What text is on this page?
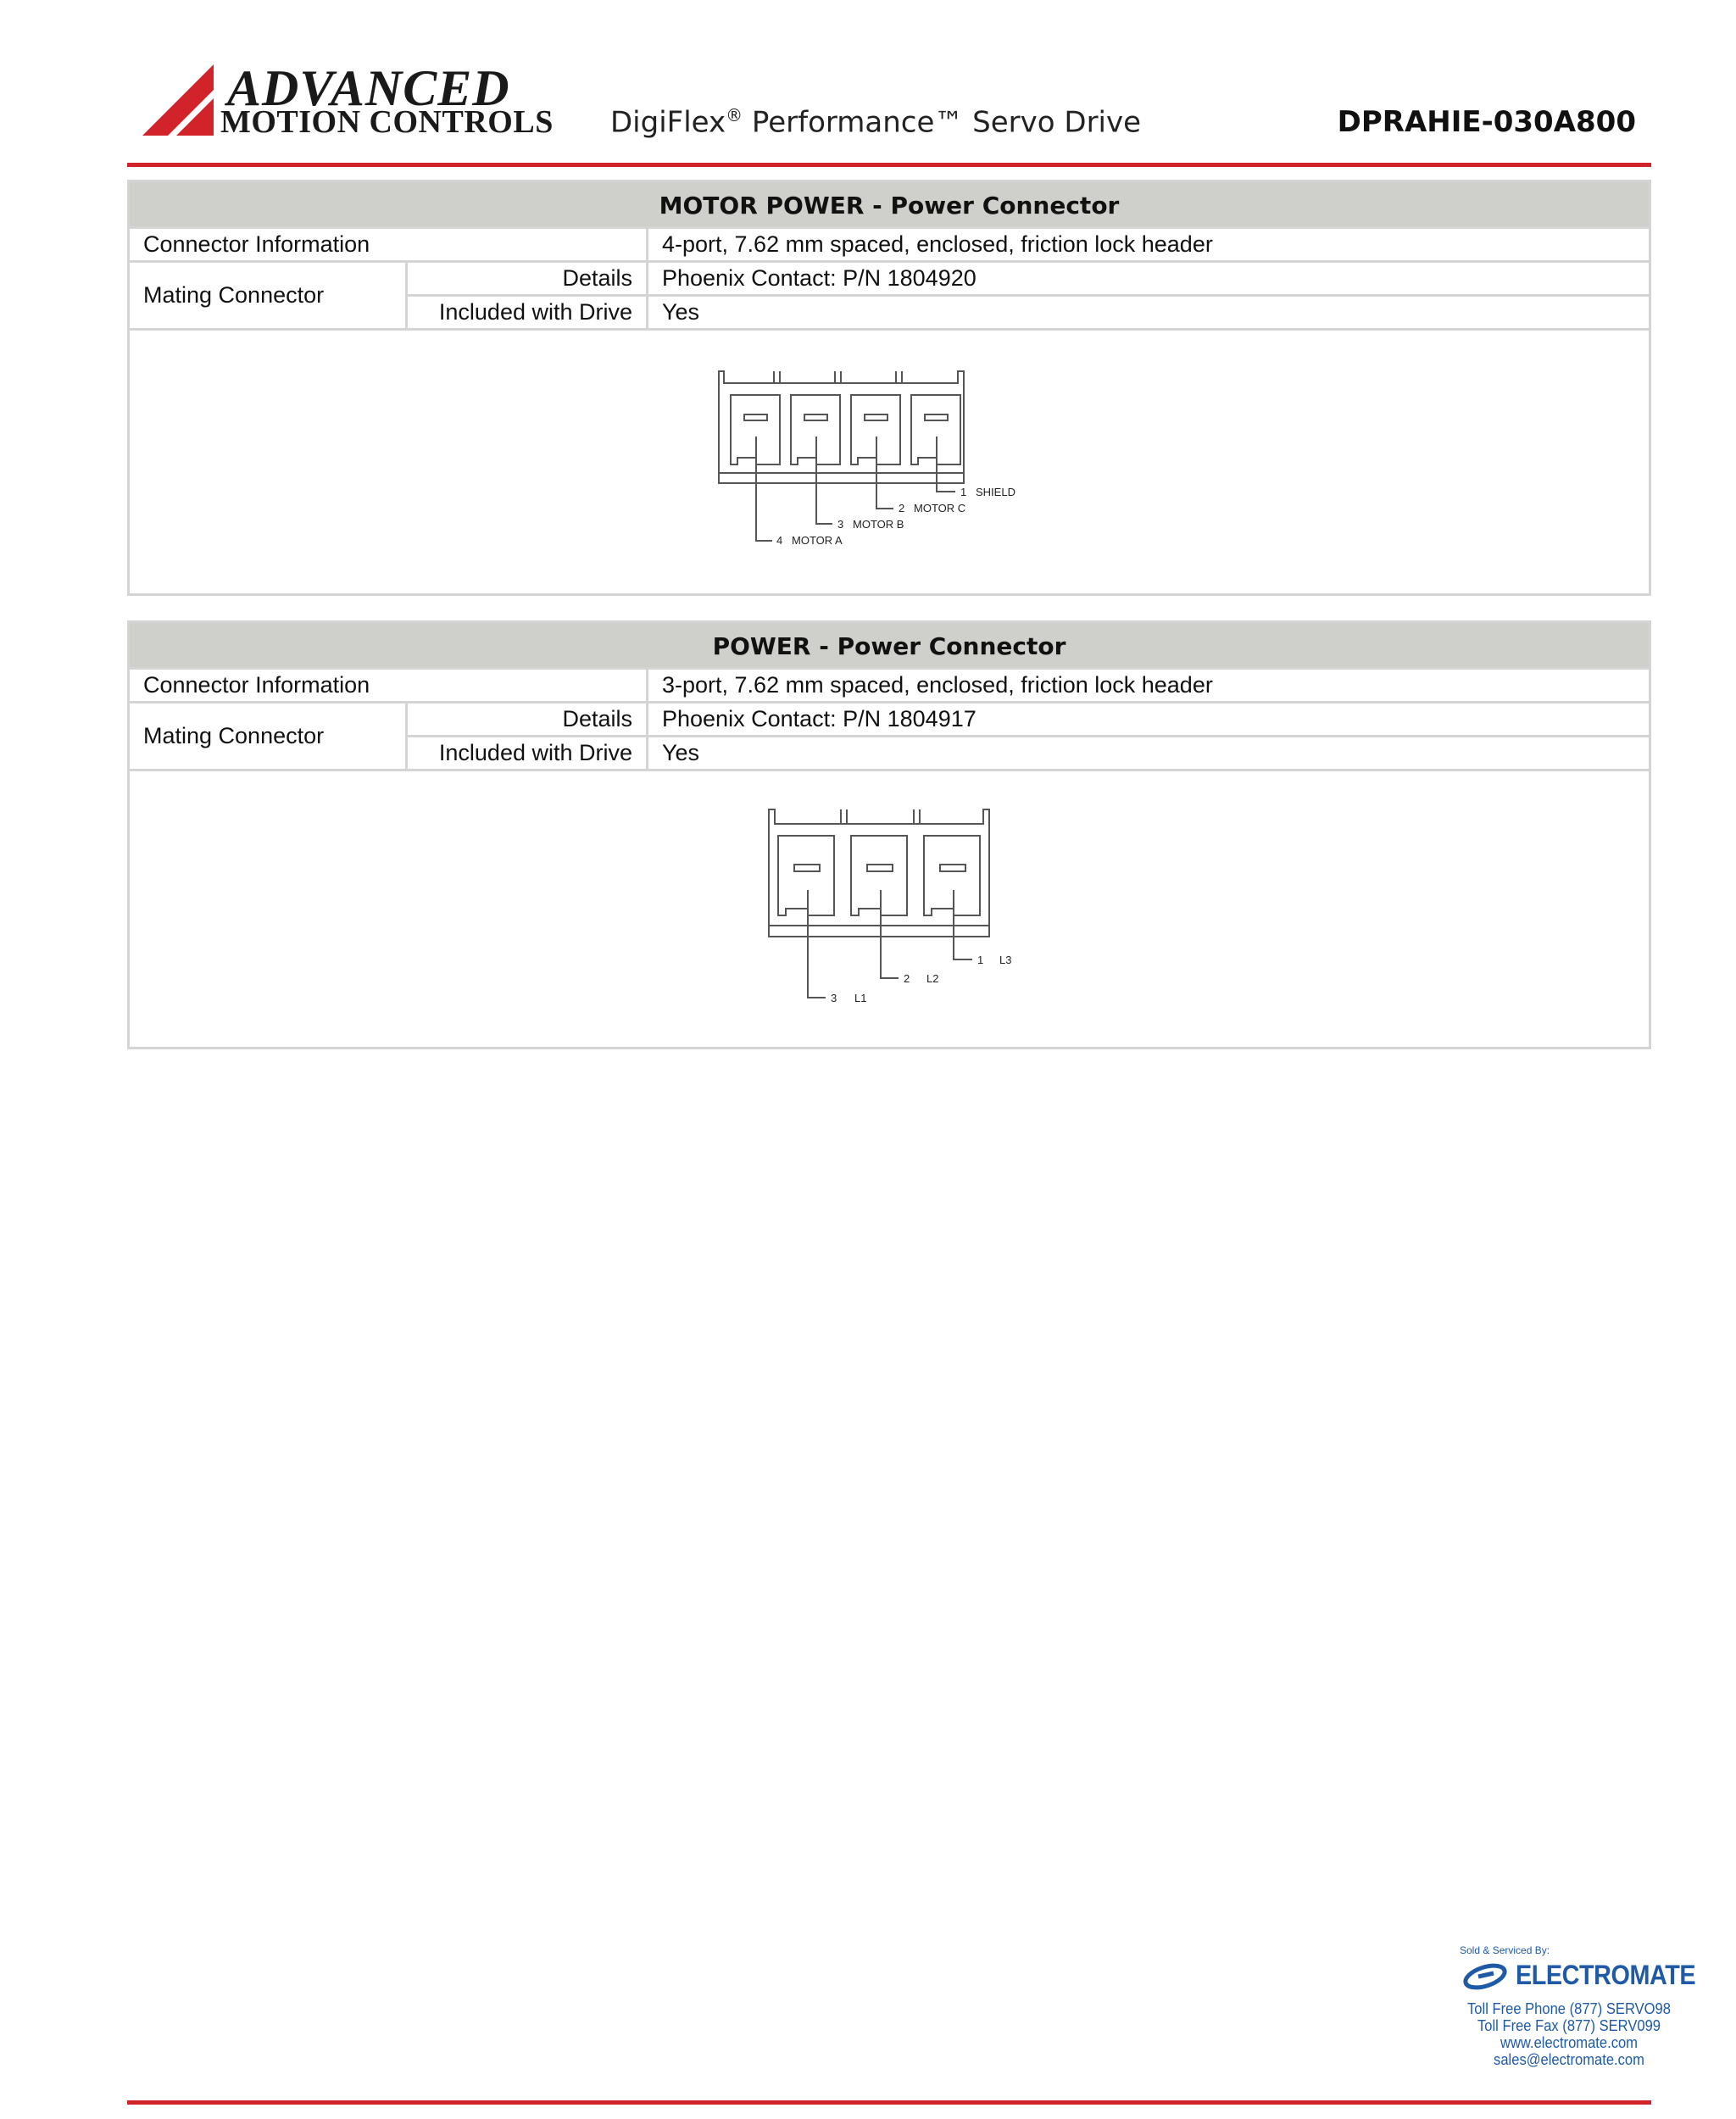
ADVANCED
MOTION CONTROLS DigiFlex® Performance™ Servo Drive	DPRAHIE-030A800
MOTOR POWER - Power Connector
Connector Information	4-port, 7.62 mm spaced, enclosed, friction lock header
Mating Connector
Details	Phoenix Contact: P/N 1804920
Included with Drive	Yes
1 SHIELD
2 MOTOR C
3 MOTOR B
4 MOTOR A
POWER - Power Connector
Connector Information	3-port, 7.62 mm spaced, enclosed, friction lock header
Mating Connector
Details	Phoenix Contact: P/N 1804917
Included with Drive	Yes
1 L3
2 L2
3 L1
Sold & Serviced By:
ELECTROMATE
Toll Free Phone (877) SERVO98
Toll Free Fax (877) SERV099
www.electromate.com
sales@electromate.com
